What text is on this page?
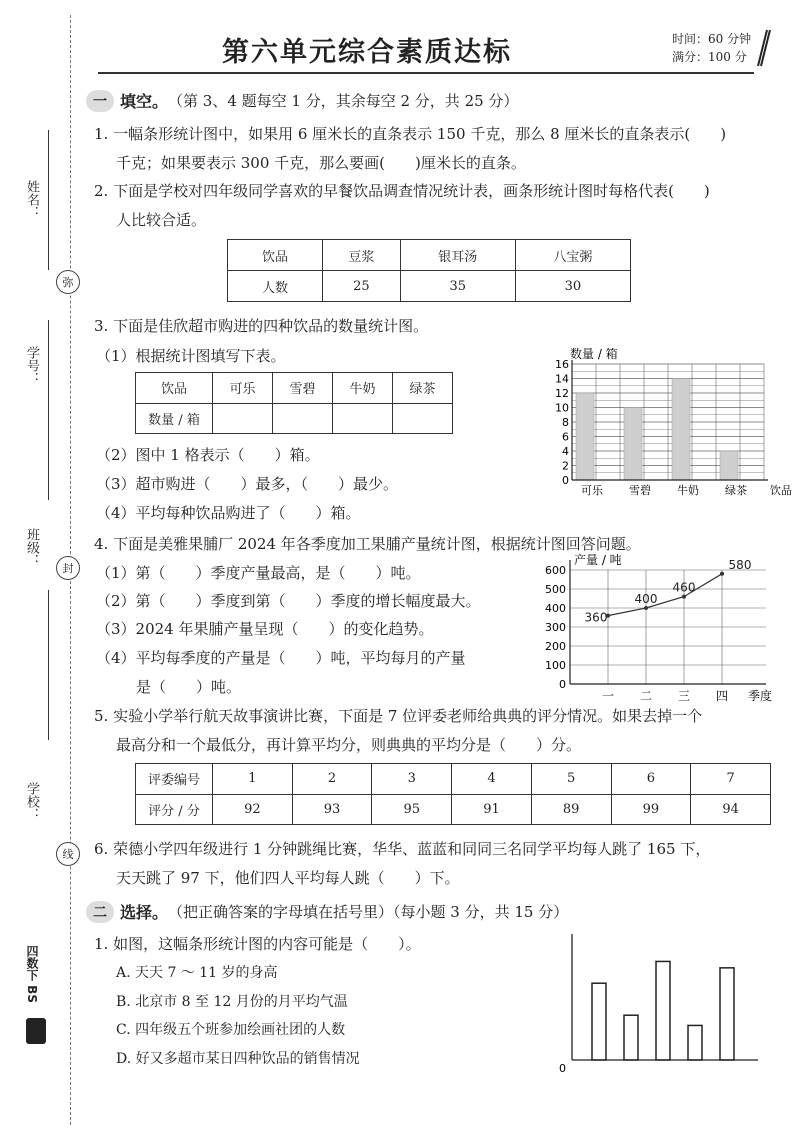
第六单元综合素质达标	时间：60 分钟
满分：100 分
姓名：
弥
学号：
班级：
封
学校：
线
四数下 BS
一 填空。 （第 3、4 题每空 1 分，其余每空 2 分，共 25 分）
1. 一幅条形统计图中，如果用 6 厘米长的直条表示 150 千克，那么 8 厘米长的直条表示(　　)
千克；如果要表示 300 千克，那么要画(　　)厘米长的直条。
2. 下面是学校对四年级同学喜欢的早餐饮品调查情况统计表，画条形统计图时每格代表(　　)
人比较合适。
饮品	豆浆	银耳汤	八宝粥
人数	25	35	30
3. 下面是佳欣超市购进的四种饮品的数量统计图。
（1）根据统计图填写下表。
饮品	可乐	雪碧	牛奶	绿茶
数量 / 箱				
（2）图中 1 格表示（　　）箱。
（3）超市购进（　　）最多，（　　）最少。
（4）平均每种饮品购进了（　　）箱。
0
2
4
6
8
10
12
14
16
可乐 雪碧 牛奶 绿茶
数量 / 箱
饮品
4. 下面是美雅果脯厂 2024 年各季度加工果脯产量统计图，根据统计图回答问题。
（1）第（　　）季度产量最高，是（　　）吨。
（2）第（　　）季度到第（　　）季度的增长幅度最大。
（3）2024 年果脯产量呈现（　　）的变化趋势。
（4）平均每季度的产量是（　　）吨，平均每月的产量
是（　　）吨。	0
100
200
300
400
500
600
一 二 三 四
360
400
460
580
产量 / 吨
季度
5. 实验小学举行航天故事演讲比赛，下面是 7 位评委老师给典典的评分情况。如果去掉一个
最高分和一个最低分，再计算平均分，则典典的平均分是（　　）分。
评委编号	1	2	3	4	5	6	7
评分 / 分	92	93	95	91	89	99	94
6. 荣德小学四年级进行 1 分钟跳绳比赛，华华、蓝蓝和同同三名同学平均每人跳了 165 下，
天天跳了 97 下，他们四人平均每人跳（　　）下。
二 选择。 （把正确答案的字母填在括号里）（每小题 3 分，共 15 分）
1. 如图，这幅条形统计图的内容可能是（　　）。
A. 天天 7 ～ 11 岁的身高
B. 北京市 8 至 12 月份的月平均气温
C. 四年级五个班参加绘画社团的人数
D. 好又多超市某日四种饮品的销售情况
0
